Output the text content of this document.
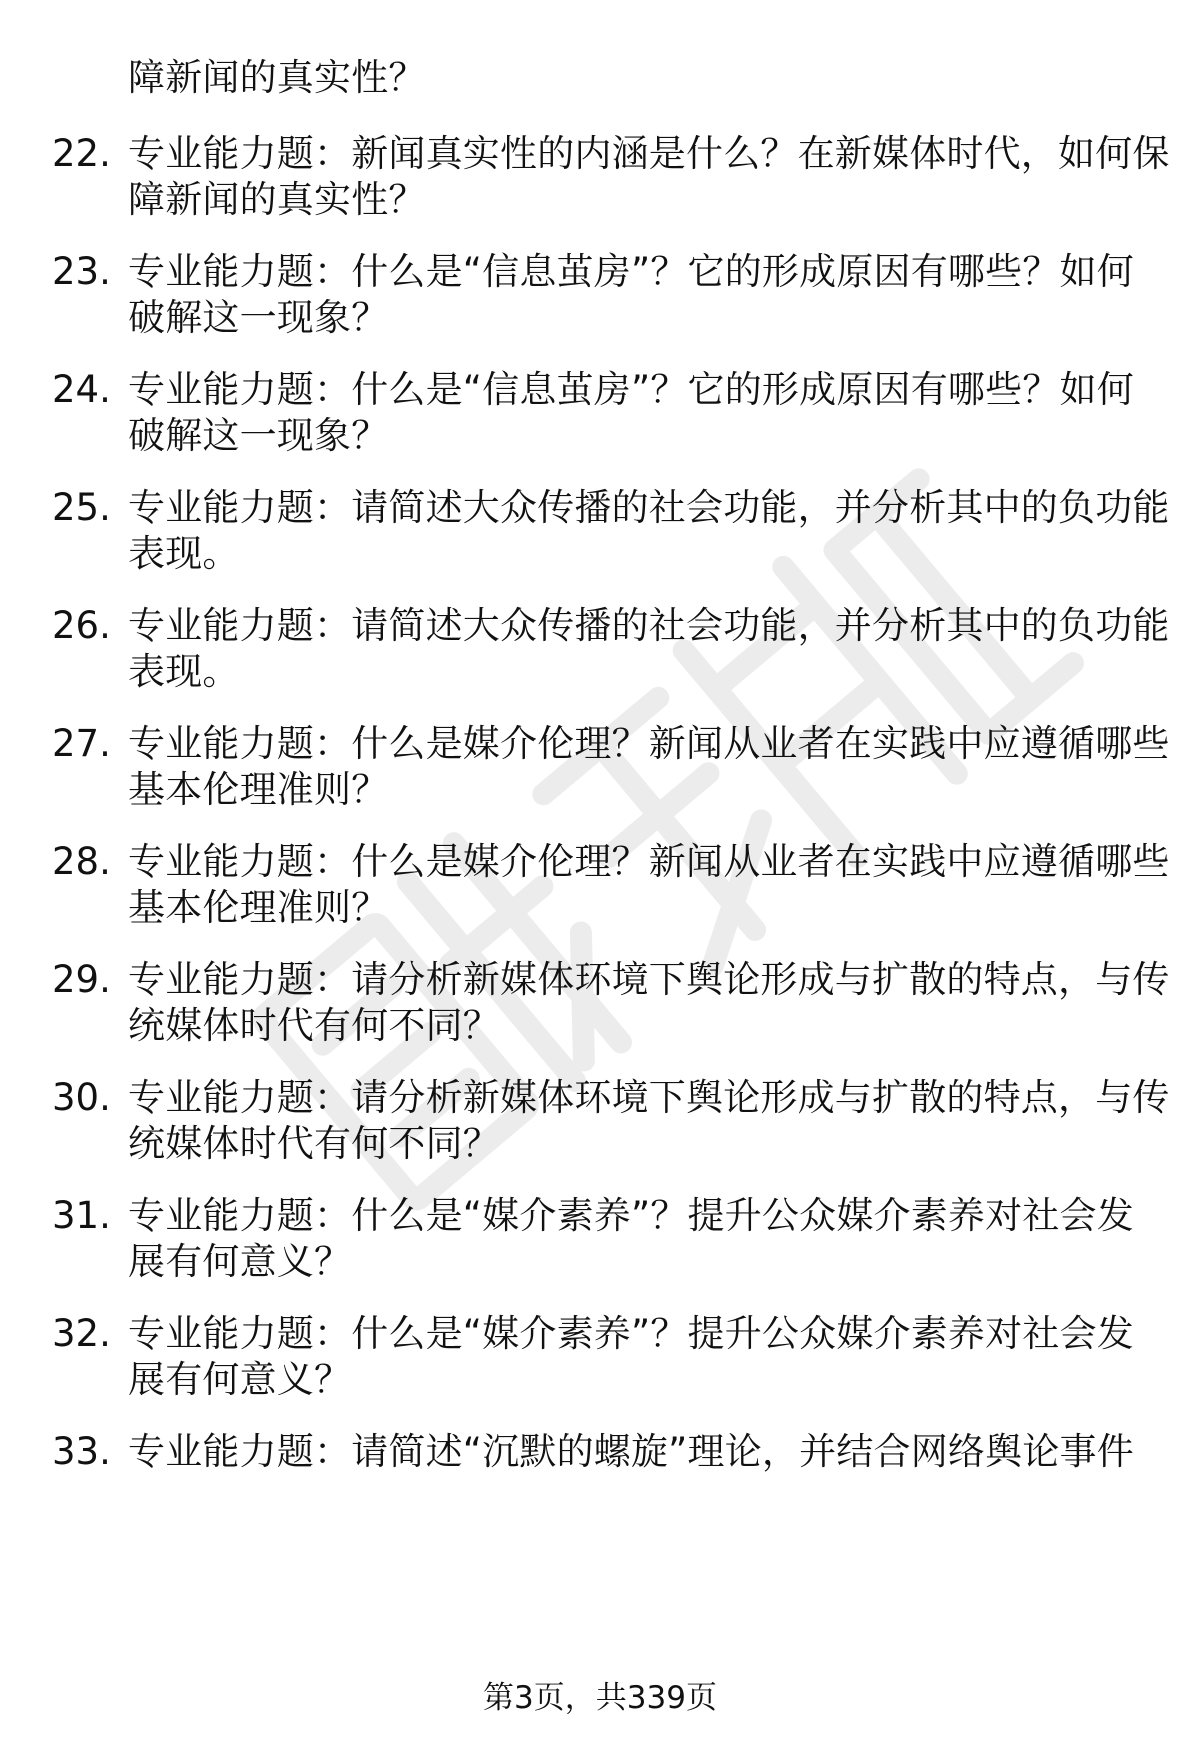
障新闻的真实性？
22. 专业能力题：新闻真实性的内涵是什么？在新媒体时代，如何保
障新闻的真实性？
23. 专业能力题：什么是“信息茧房”？它的形成原因有哪些？如何
破解这一现象？
24. 专业能力题：什么是“信息茧房”？它的形成原因有哪些？如何
破解这一现象？
25. 专业能力题：请简述大众传播的社会功能，并分析其中的负功能
表现。
26. 专业能力题：请简述大众传播的社会功能，并分析其中的负功能
表现。
27. 专业能力题：什么是媒介伦理？新闻从业者在实践中应遵循哪些
基本伦理准则？
28. 专业能力题：什么是媒介伦理？新闻从业者在实践中应遵循哪些
基本伦理准则？
29. 专业能力题：请分析新媒体环境下舆论形成与扩散的特点，与传
统媒体时代有何不同？
30. 专业能力题：请分析新媒体环境下舆论形成与扩散的特点，与传
统媒体时代有何不同？
31. 专业能力题：什么是“媒介素养”？提升公众媒介素养对社会发
展有何意义？
32. 专业能力题：什么是“媒介素养”？提升公众媒介素养对社会发
展有何意义？
33. 专业能力题：请简述“沉默的螺旋”理论，并结合网络舆论事件
第3页，共339页
